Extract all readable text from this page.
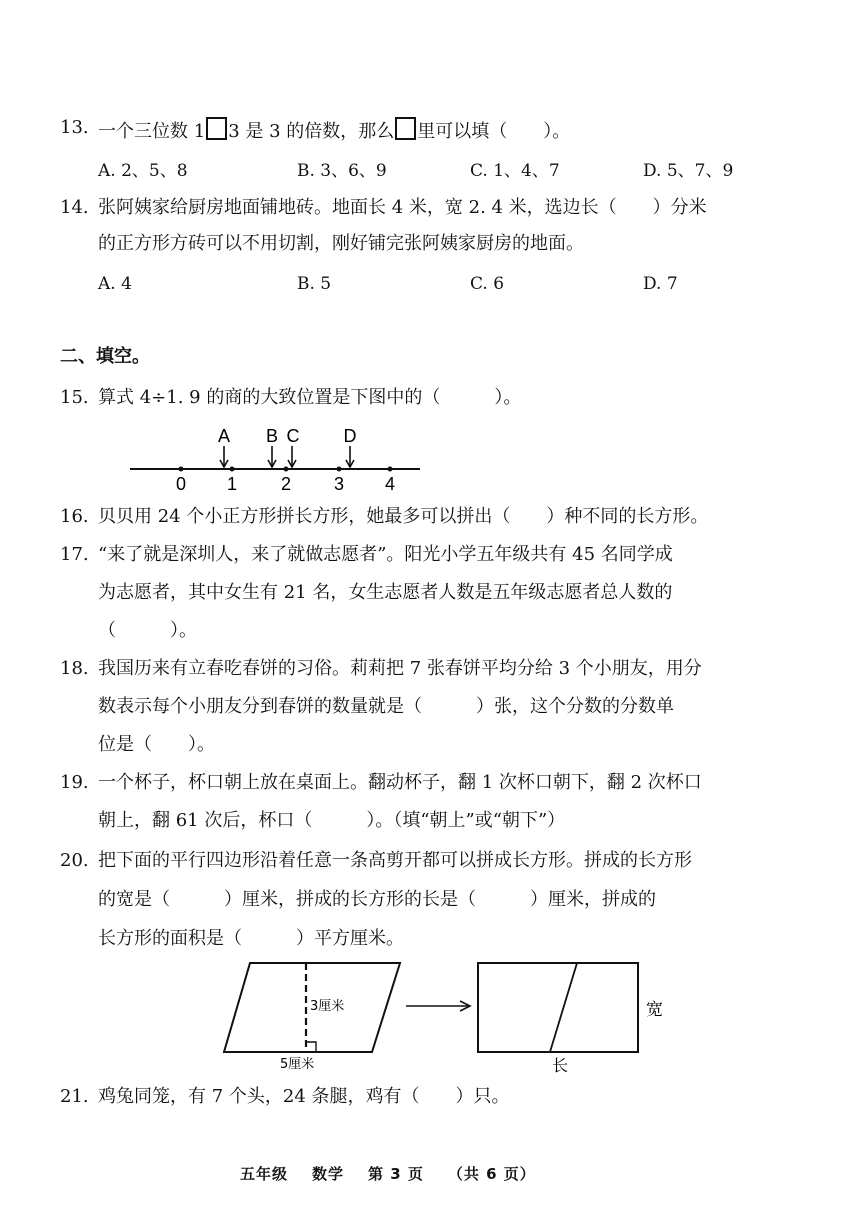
13. 一个三位数 1 3 是 3 的倍数，那么 里可以填（　　）。
A. 2、5、8	B. 3、6、9	C. 1、4、7	D. 5、7、9
14. 张阿姨家给厨房地面铺地砖。地面长 4 米，宽 2. 4 米，选边长（　　）分米
的正方形方砖可以不用切割，刚好铺完张阿姨家厨房的地面。
A. 4	B. 5	C. 6	D. 7
二、填空。
15. 算式 4÷1. 9 的商的大致位置是下图中的（　　　）。
0 1 2 3 4
A B C D
16. 贝贝用 24 个小正方形拼长方形，她最多可以拼出（　　）种不同的长方形。
17. “来了就是深圳人，来了就做志愿者”。阳光小学五年级共有 45 名同学成
为志愿者，其中女生有 21 名，女生志愿者人数是五年级志愿者总人数的
（　　　）。
18. 我国历来有立春吃春饼的习俗。莉莉把 7 张春饼平均分给 3 个小朋友，用分
数表示每个小朋友分到春饼的数量就是（　　　）张，这个分数的分数单
位是（　　）。
19. 一个杯子，杯口朝上放在桌面上。翻动杯子，翻 1 次杯口朝下，翻 2 次杯口
朝上，翻 61 次后，杯口（　　　）。（填“朝上”或“朝下”）
20. 把下面的平行四边形沿着任意一条高剪开都可以拼成长方形。拼成的长方形
的宽是（　　　）厘米，拼成的长方形的长是（　　　）厘米，拼成的
长方形的面积是（　　　）平方厘米。
3厘米
5厘米
宽
长
21. 鸡兔同笼，有 7 个头，24 条腿，鸡有（　　）只。
五年级 数学 第 3 页 （共 6 页）
